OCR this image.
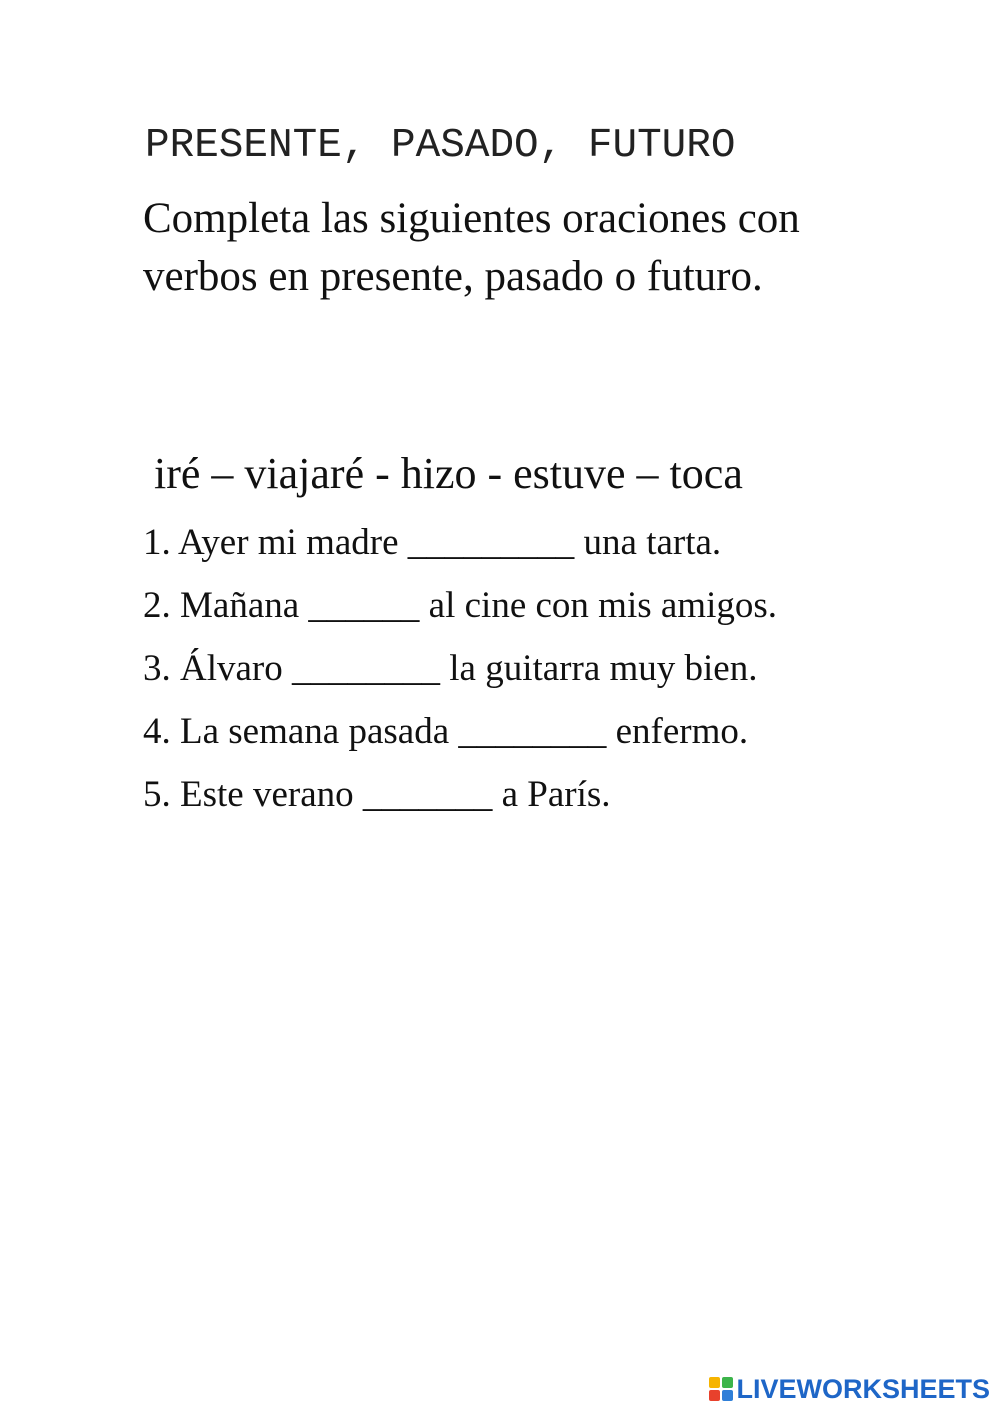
PRESENTE, PASADO, FUTURO
Completa las siguientes oraciones con verbos en presente, pasado o futuro.
iré – viajaré - hizo - estuve – toca
1. Ayer mi madre _________ una tarta.
2. Mañana ______ al cine con mis amigos.
3. Álvaro ________ la guitarra muy bien.
4. La semana pasada ________ enfermo.
5. Este verano _______ a París.
LIVEWORKSHEETS
